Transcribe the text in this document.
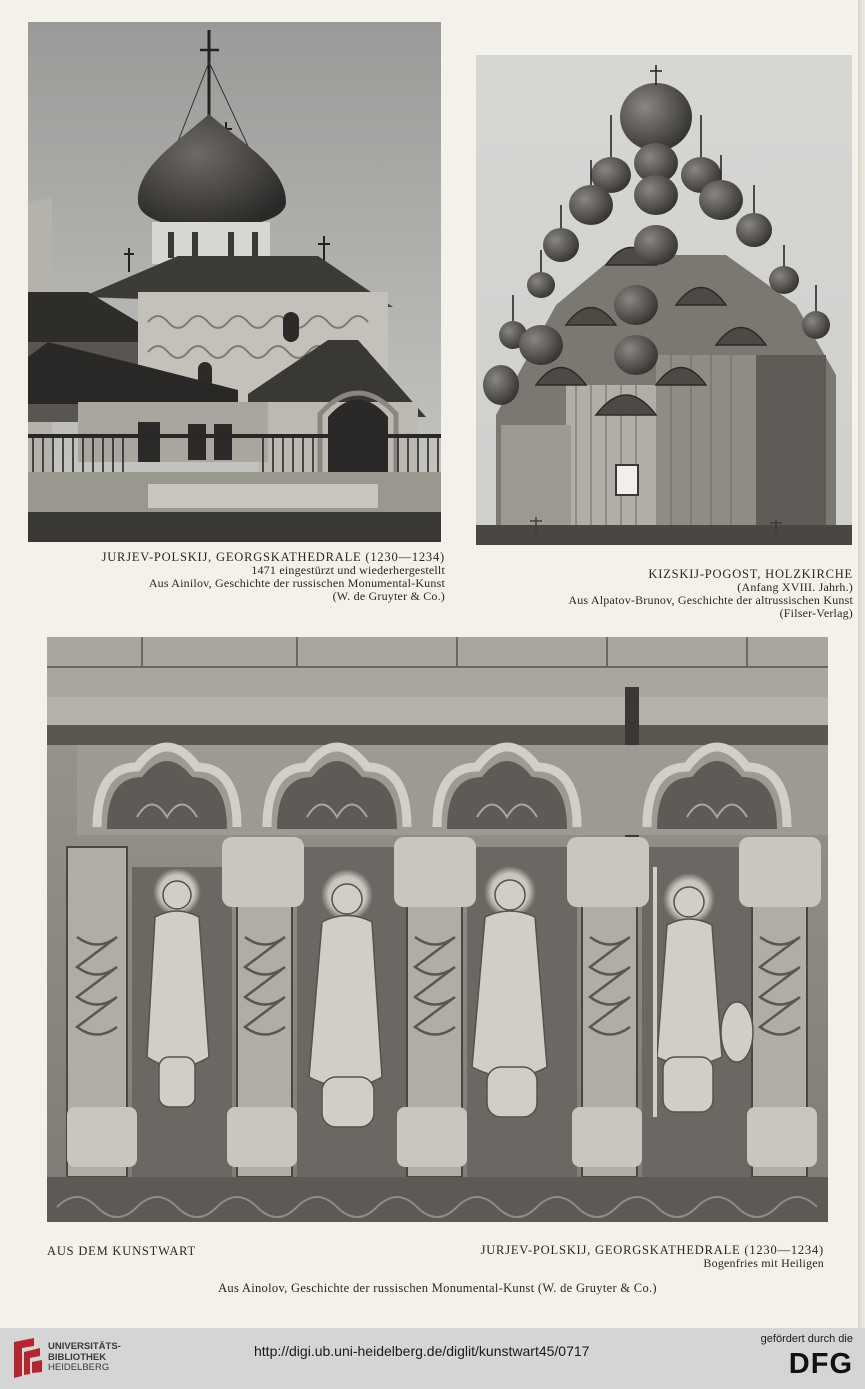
JURJEV-POLSKIJ, GEORGSKATHEDRALE (1230—1234)
1471 eingestürzt und wiederhergestellt
Aus Ainilov, Geschichte der russischen Monumental-Kunst
(W. de Gruyter & Co.)
KIZSKIJ-POGOST, HOLZKIRCHE
(Anfang XVIII. Jahrh.)
Aus Alpatov-Brunov, Geschichte der altrussischen Kunst
(Filser-Verlag)
AUS DEM KUNSTWART	JURJEV-POLSKIJ, GEORGSKATHEDRALE (1230—1234)
Bogenfries mit Heiligen
Aus Ainolov, Geschichte der russischen Monumental-Kunst (W. de Gruyter & Co.)
UNIVERSITÄTS-
BIBLIOTHEK
HEIDELBERG
http://digi.ub.uni-heidelberg.de/diglit/kunstwart45/0717
gefördert durch die
DFG
